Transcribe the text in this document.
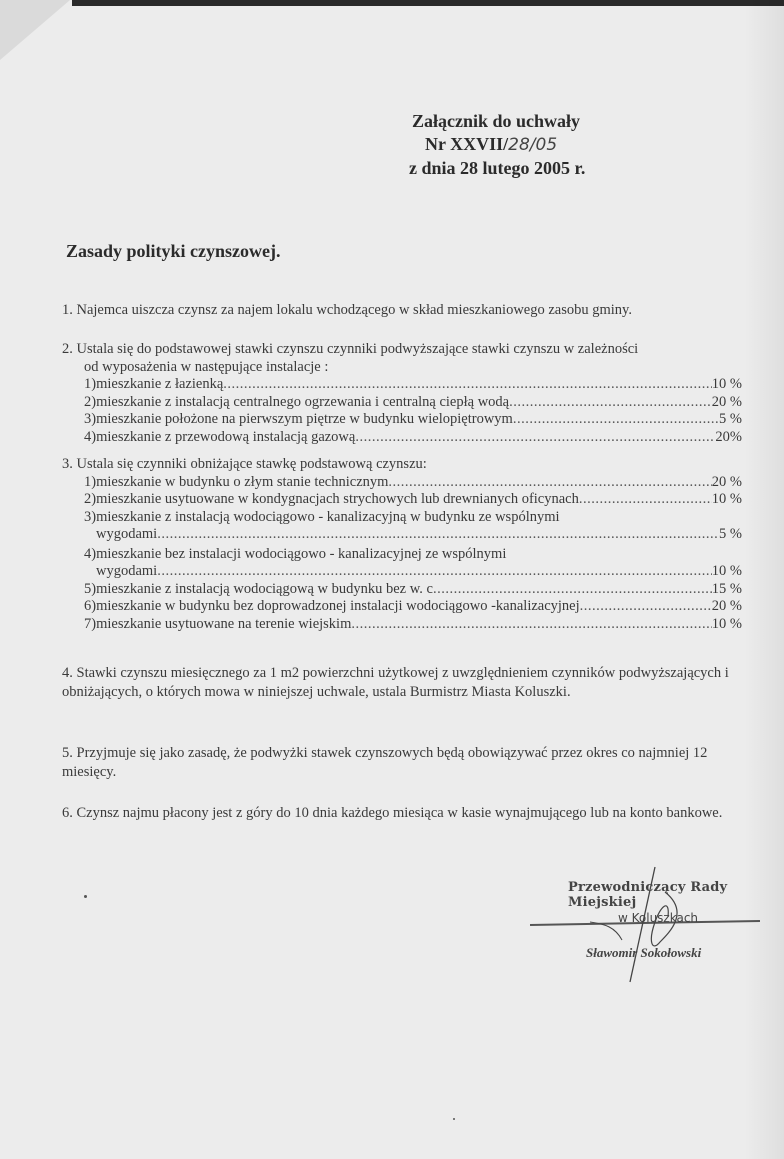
Załącznik do uchwały
Nr XXVII/28/05
z dnia 28 lutego 2005 r.
Zasady polityki czynszowej.
1. Najemca uiszcza czynsz za najem lokalu wchodzącego w skład mieszkaniowego zasobu gminy.
2. Ustala się do podstawowej stawki czynszu czynniki podwyższające stawki czynszu w zależności
od wyposażenia w następujące instalacje :
1)mieszkanie z łazienką .....	10 %
2)mieszkanie z instalacją centralnego ogrzewania i centralną ciepłą wodą .....	20 %
3)mieszkanie położone na pierwszym piętrze w budynku wielopiętrowym .....	5 %
4)mieszkanie z przewodową instalacją gazową .....	20%
3. Ustala się czynniki obniżające stawkę podstawową czynszu:
1)mieszkanie w budynku o złym stanie technicznym .....	20 %
2)mieszkanie usytuowane w kondygnacjach strychowych lub drewnianych oficynach .....	10 %
3)mieszkanie z instalacją wodociągowo - kanalizacyjną w budynku ze wspólnymi
wygodami .....	5 %
4)mieszkanie bez instalacji wodociągowo - kanalizacyjnej ze wspólnymi
wygodami .....	10 %
5)mieszkanie z instalacją wodociągową w budynku bez w. c .....	15 %
6)mieszkanie w budynku bez doprowadzonej instalacji wodociągowo -kanalizacyjnej .....	20 %
7)mieszkanie usytuowane na terenie wiejskim .....	10 %
4. Stawki czynszu miesięcznego za 1 m2 powierzchni użytkowej z uwzględnieniem czynników podwyższających i obniżających, o których mowa w niniejszej uchwale, ustala Burmistrz Miasta Koluszki.
5. Przyjmuje się jako zasadę, że podwyżki stawek czynszowych będą obowiązywać przez okres co najmniej 12 miesięcy.
6. Czynsz najmu płacony jest z góry do 10 dnia każdego miesiąca w kasie wynajmującego lub na konto bankowe.
Przewodniczący Rady Miejskiej
w Koluszkach
Sławomir Sokołowski
